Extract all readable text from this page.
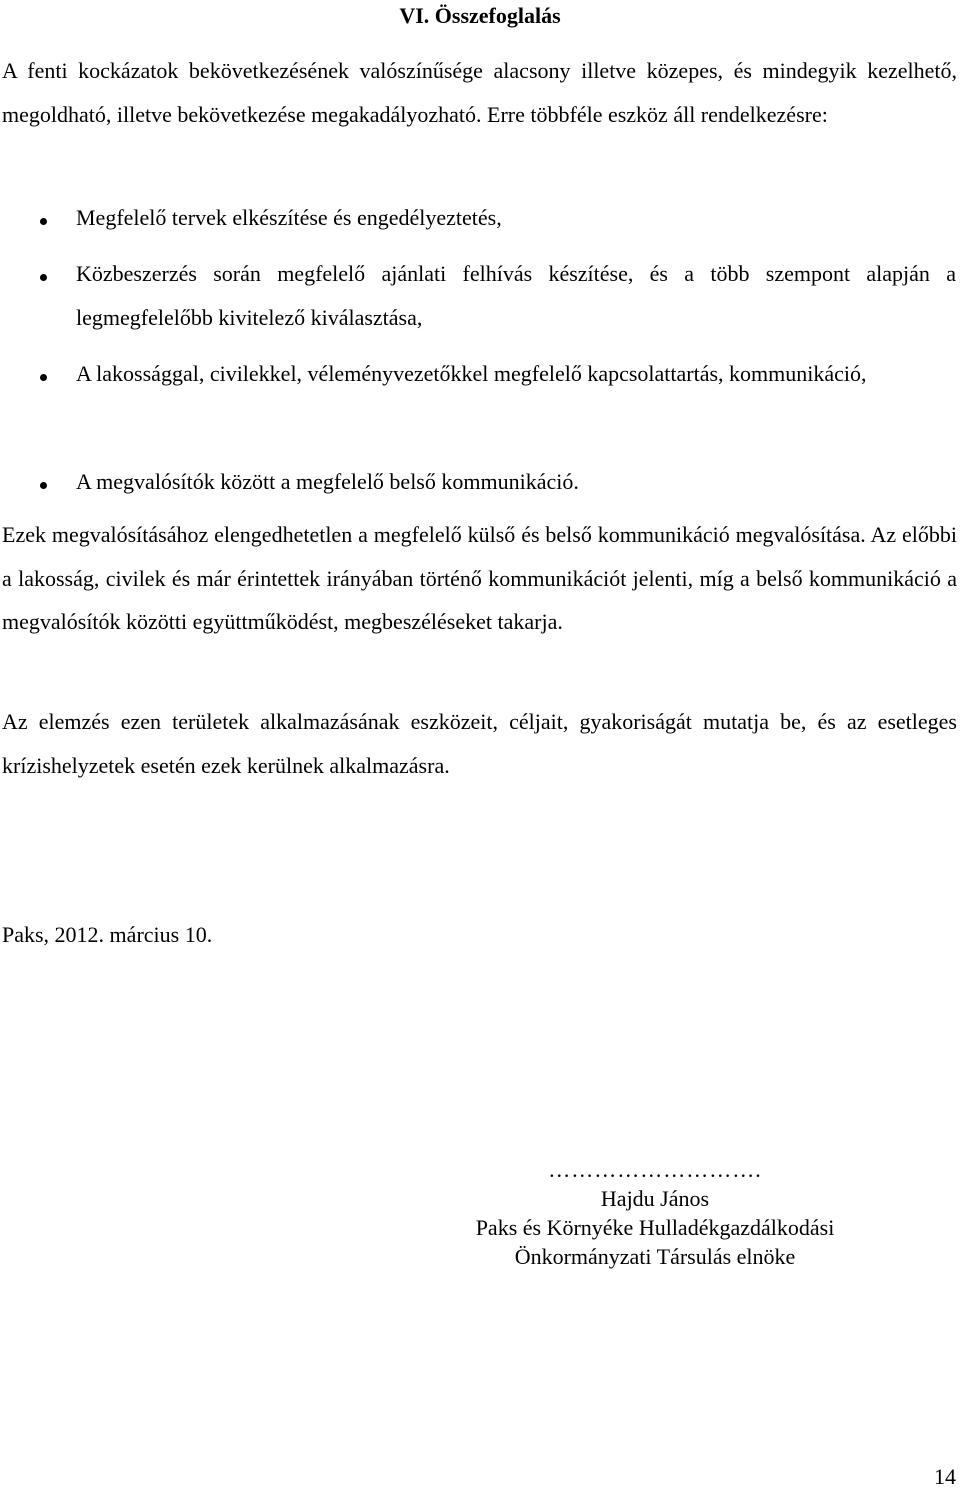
VI. Összefoglalás

A fenti kockázatok bekövetkezésének valószínűsége alacsony illetve közepes, és mindegyik kezelhető, megoldható, illetve bekövetkezése megakadályozható. Erre többféle eszköz áll rendelkezésre:

Megfelelő tervek elkészítése és engedélyeztetés,
Közbeszerzés során megfelelő ajánlati felhívás készítése, és a több szempont alapján a legmegfelelőbb kivitelező kiválasztása,
A lakossággal, civilekkel, véleményvezetőkkel megfelelő kapcsolattartás, kommunikáció,
A megvalósítók között a megfelelő belső kommunikáció.

Ezek megvalósításához elengedhetetlen a megfelelő külső és belső kommunikáció megvalósítása. Az előbbi a lakosság, civilek és már érintettek irányában történő kommunikációt jelenti, míg a belső kommunikáció a megvalósítók közötti együttműködést, megbeszéléseket takarja.

Az elemzés ezen területek alkalmazásának eszközeit, céljait, gyakoriságát mutatja be, és az esetleges krízishelyzetek esetén ezek kerülnek alkalmazásra.

Paks, 2012. március 10.
……………………….
Hajdu János
Paks és Környéke Hulladékgazdálkodási
Önkormányzati Társulás elnöke
14
